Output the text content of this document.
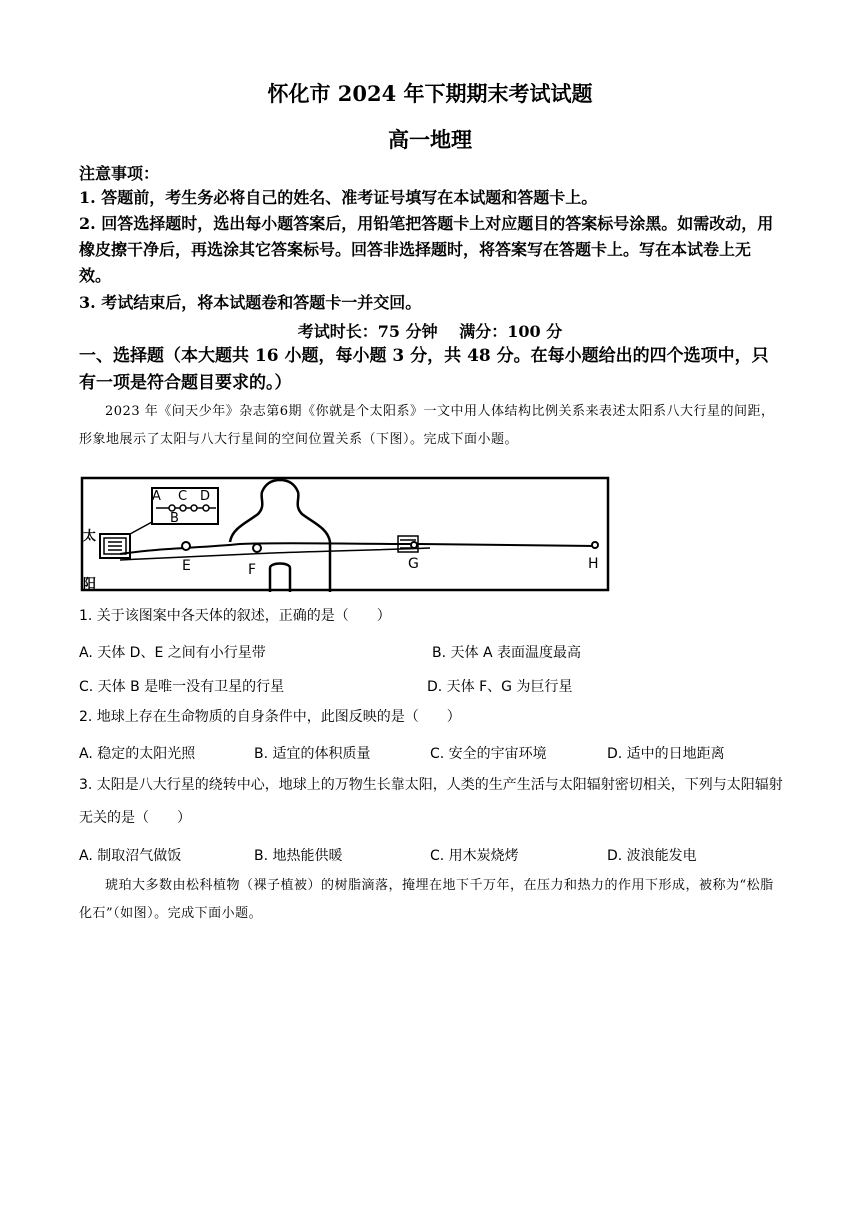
怀化市 2024 年下期期末考试试题
高一地理
注意事项：
1. 答题前，考生务必将自己的姓名、准考证号填写在本试题和答题卡上。
2. 回答选择题时，选出每小题答案后，用铅笔把答题卡上对应题目的答案标号涂黑。如需改动，用橡皮擦干净后，再选涂其它答案标号。回答非选择题时，将答案写在答题卡上。写在本试卷上无效。
3. 考试结束后，将本试题卷和答题卡一并交回。
考试时长：75 分钟 满分：100 分
一、选择题（本大题共 16 小题，每小题 3 分，共 48 分。在每小题给出的四个选项中，只有一项是符合题目要求的。）
2023 年《问天少年》杂志第6期《你就是个太阳系》一文中用人体结构比例关系来表述太阳系八大行星的间距，形象地展示了太阳与八大行星间的空间位置关系（下图）。完成下面小题。
太
阳
A C D
B
E	F	G	H
1. 关于该图案中各天体的叙述，正确的是（　　）
A. 天体 D、E 之间有小行星带	B. 天体 A 表面温度最高
C. 天体 B 是唯一没有卫星的行星	D. 天体 F、G 为巨行星
2. 地球上存在生命物质的自身条件中，此图反映的是（　　）
A. 稳定的太阳光照	B. 适宜的体积质量	C. 安全的宇宙环境	D. 适中的日地距离
3. 太阳是八大行星的绕转中心，地球上的万物生长靠太阳，人类的生产生活与太阳辐射密切相关，下列与太阳辐射无关的是（　　）
A. 制取沼气做饭	B. 地热能供暖	C. 用木炭烧烤	D. 波浪能发电
琥珀大多数由松科植物（裸子植被）的树脂滴落，掩埋在地下千万年，在压力和热力的作用下形成，被称为“松脂化石”（如图）。完成下面小题。
